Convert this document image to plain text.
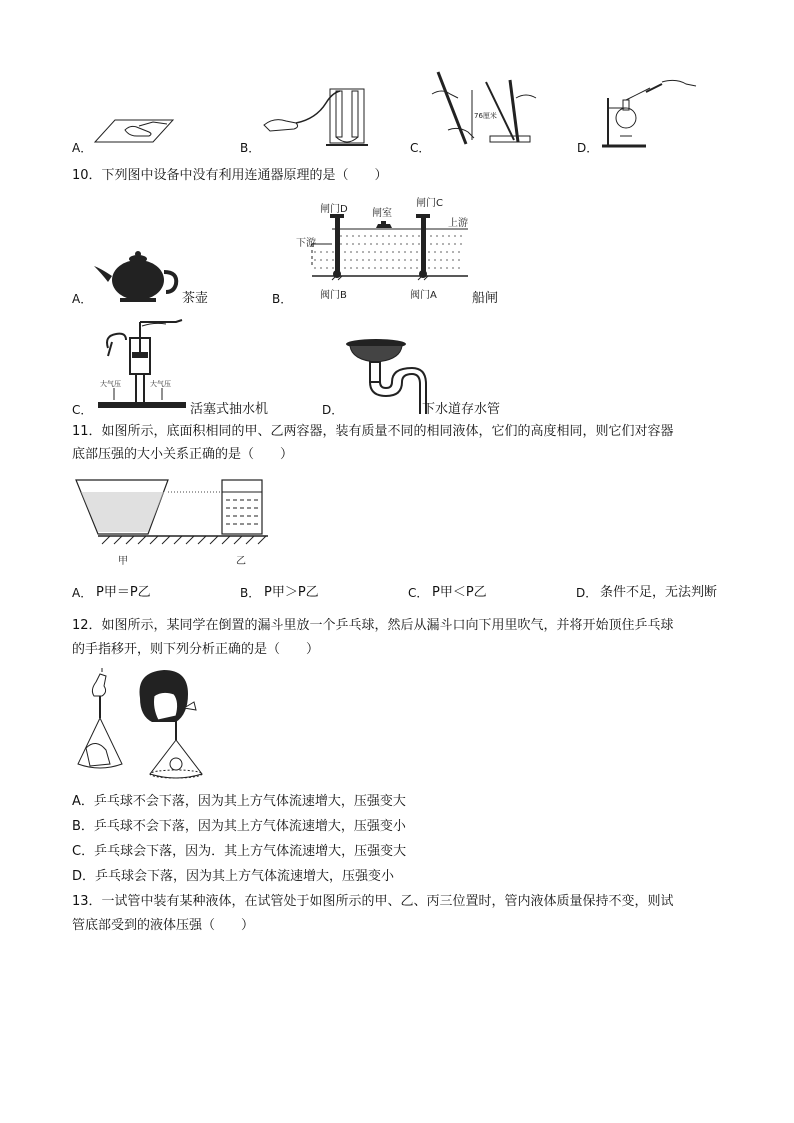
A．	B．	C．
76厘米
D．
10．下列图中设备中没有利用连通器原理的是（　　）
A．	茶壶	B．
闸门D 闸室
闸门C
上游
下游
阀门B	阀门A	船闸
C．
大气压	大气压
活塞式抽水机	D．	下水道存水管
11．如图所示，底面积相同的甲、乙两容器，装有质量不同的相同液体，它们的高度相同，则它们对容器
底部压强的大小关系正确的是（　　）
甲	乙
A． P甲＝P乙	B． P甲＞P乙	C． P甲＜P乙	D． 条件不足，无法判断
12．如图所示，某同学在倒置的漏斗里放一个乒乓球，然后从漏斗口向下用里吹气，并将开始顶住乒乓球
的手指移开，则下列分析正确的是（　　）
A．乒乓球不会下落，因为其上方气体流速增大，压强变大
B．乒乓球不会下落，因为其上方气体流速增大，压强变小
C．乒乓球会下落，因为．其上方气体流速增大，压强变大
D．乒乓球会下落，因为其上方气体流速增大，压强变小
13．一试管中装有某种液体，在试管处于如图所示的甲、乙、丙三位置时，管内液体质量保持不变，则试
管底部受到的液体压强（　　）
